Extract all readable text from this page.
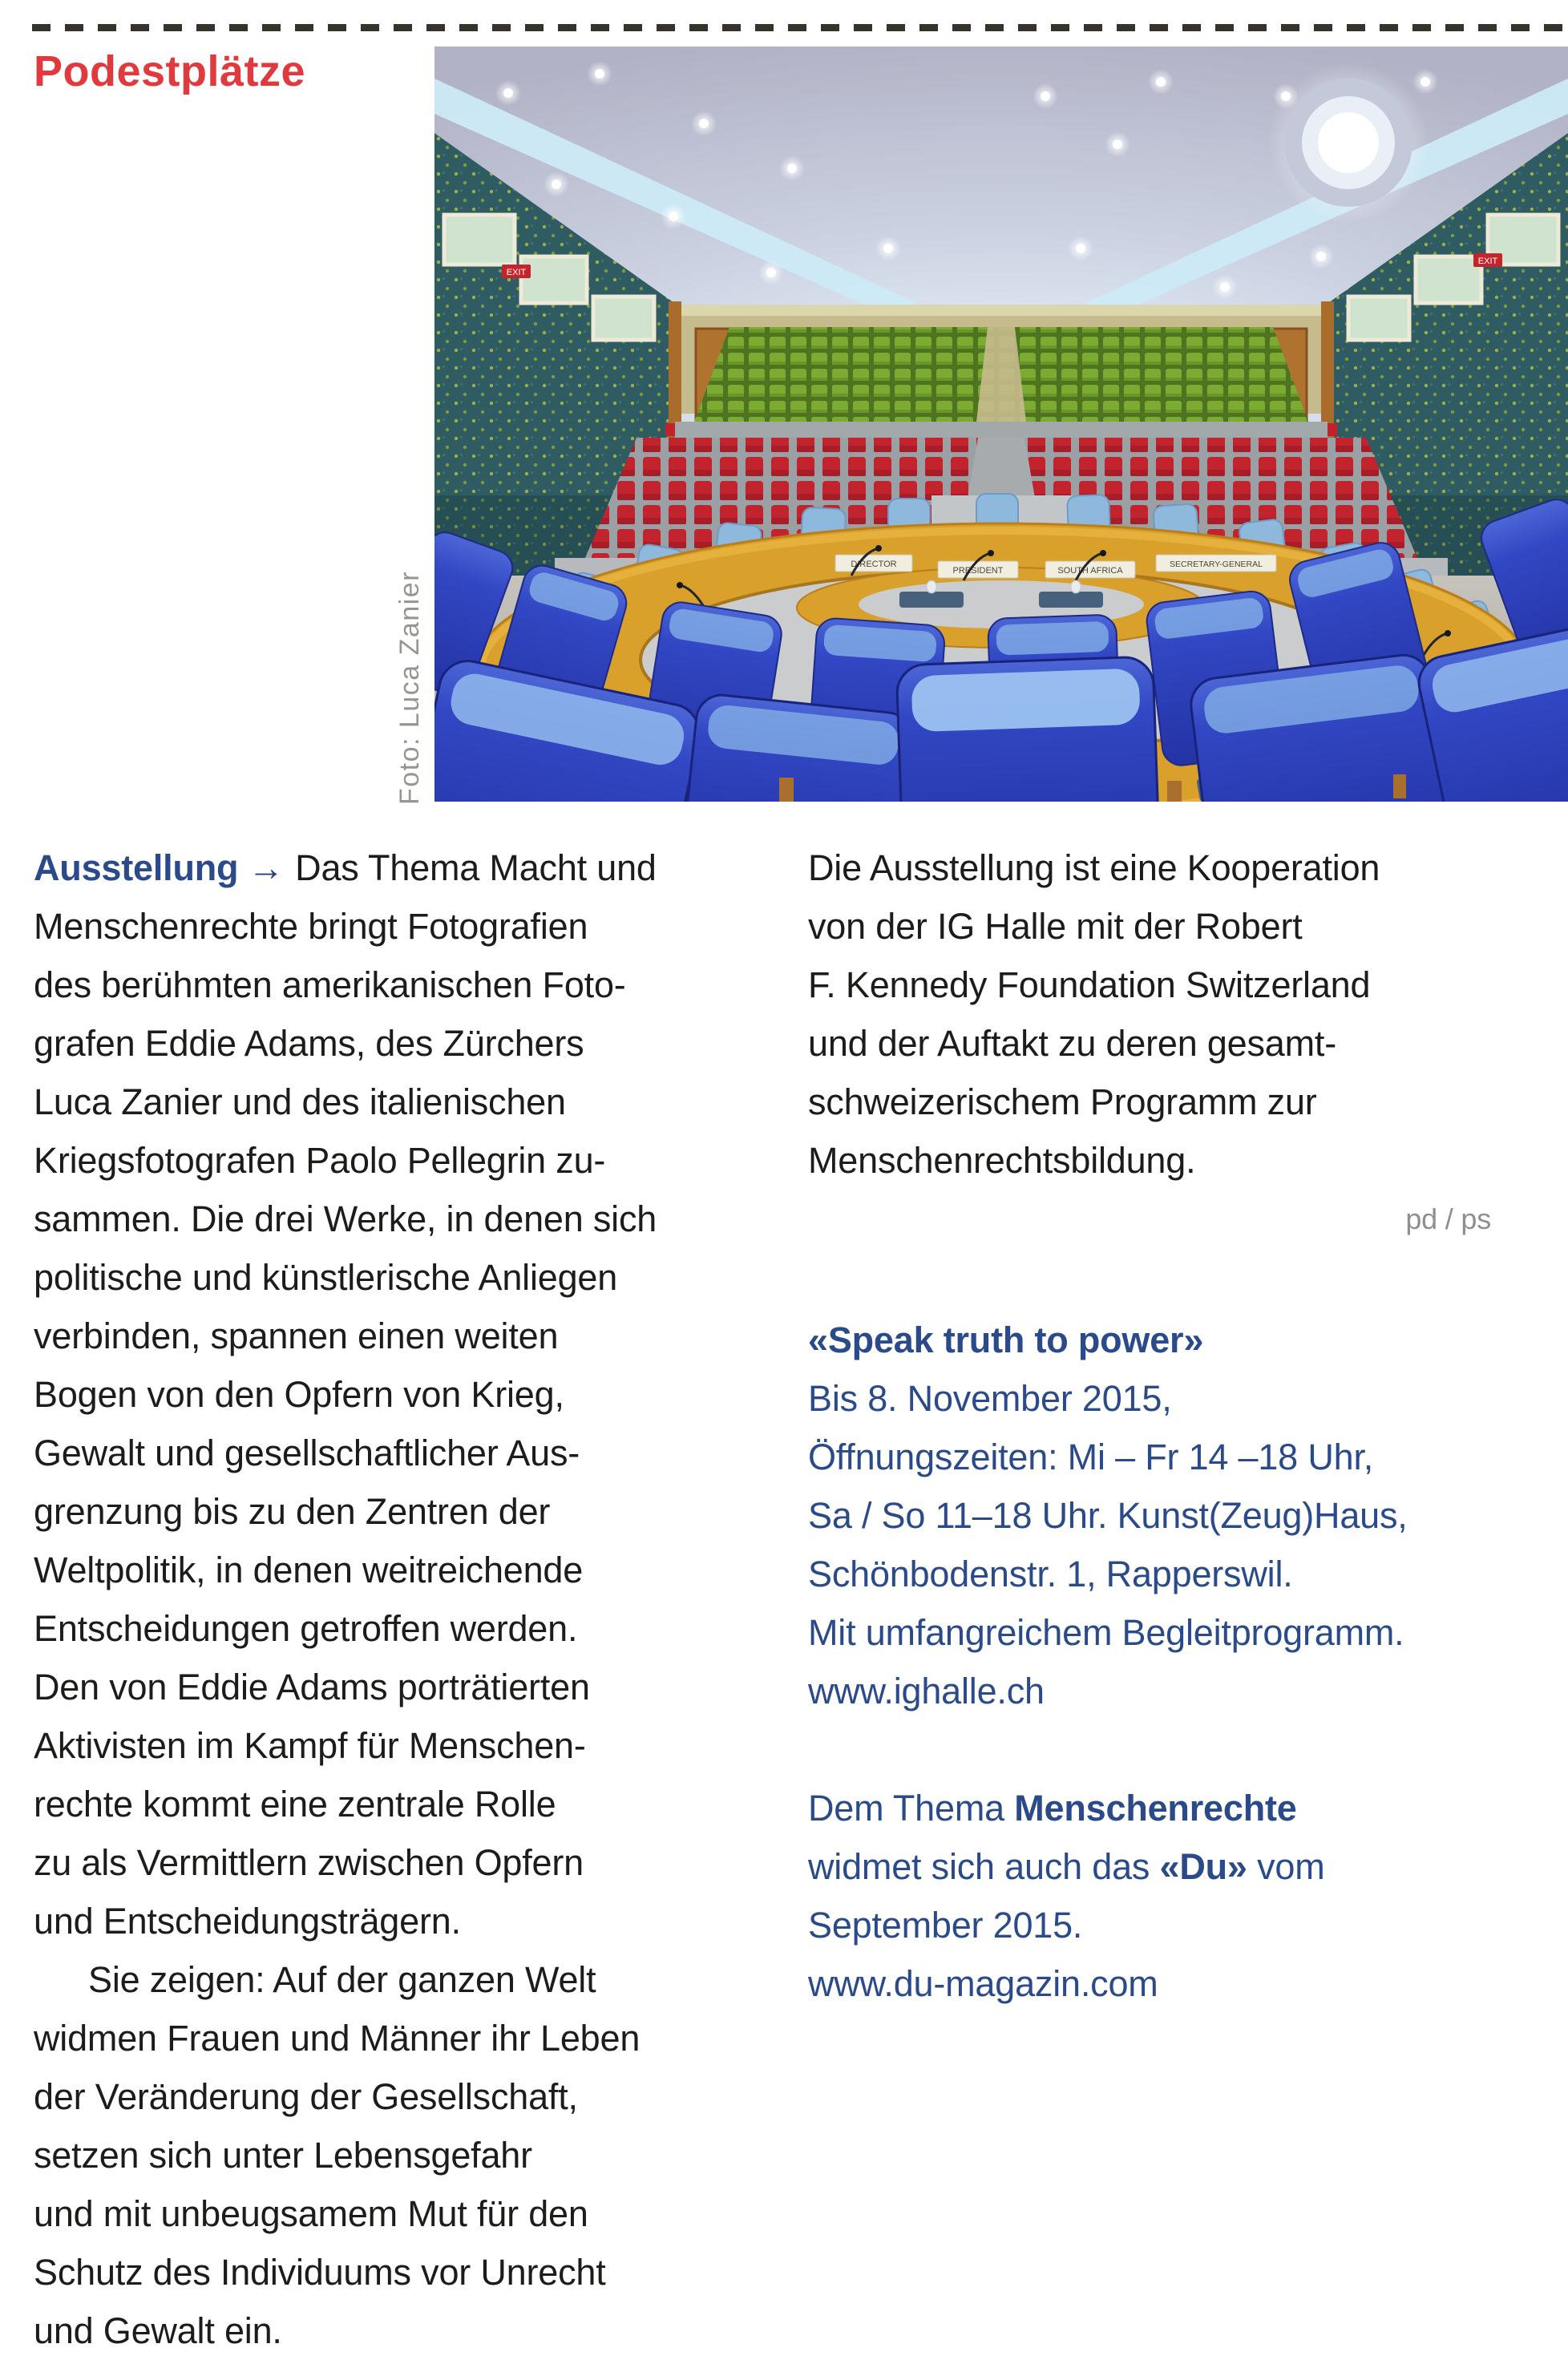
Podestplätze
EXIT
EXIT
DIRECTOR
PRESIDENT	SOUTH AFRICA
SECRETARY-GENERAL
Foto: Luca Zanier
Ausstellung → Das Thema Macht und
Menschenrechte bringt Fotografien
des berühmten amerikanischen Foto-
grafen Eddie Adams, des Zürchers
Luca Zanier und des italienischen
Kriegsfotografen Paolo Pellegrin zu-
sammen. Die drei Werke, in denen sich
politische und künstlerische Anliegen
verbinden, spannen einen weiten
Bogen von den Opfern von Krieg,
Gewalt und gesellschaftlicher Aus-
grenzung bis zu den Zentren der
Weltpolitik, in denen weitreichende
Entscheidungen getroffen werden.
Den von Eddie Adams porträtierten
Aktivisten im Kampf für Menschen-
rechte kommt eine zentrale Rolle
zu als Vermittlern zwischen Opfern
und Entscheidungsträgern.
Sie zeigen: Auf der ganzen Welt
widmen Frauen und Männer ihr Leben
der Veränderung der Gesellschaft,
setzen sich unter Lebensgefahr
und mit unbeugsamem Mut für den
Schutz des Individuums vor Unrecht
und Gewalt ein.
Die Ausstellung ist eine Kooperation
von der IG Halle mit der Robert
F. Kennedy Foundation Switzerland
und der Auftakt zu deren gesamt-
schweizerischem Programm zur
Menschenrechtsbildung.
pd / ps
«Speak truth to power»
Bis 8. November 2015,
Öffnungszeiten: Mi – Fr 14 –18 Uhr,
Sa / So 11–18 Uhr. Kunst(Zeug)Haus,
Schönbodenstr. 1, Rapperswil.
Mit umfangreichem Begleitprogramm.
www.ighalle.ch
Dem Thema Menschenrechte
widmet sich auch das «Du» vom
September 2015.
www.du-magazin.com
